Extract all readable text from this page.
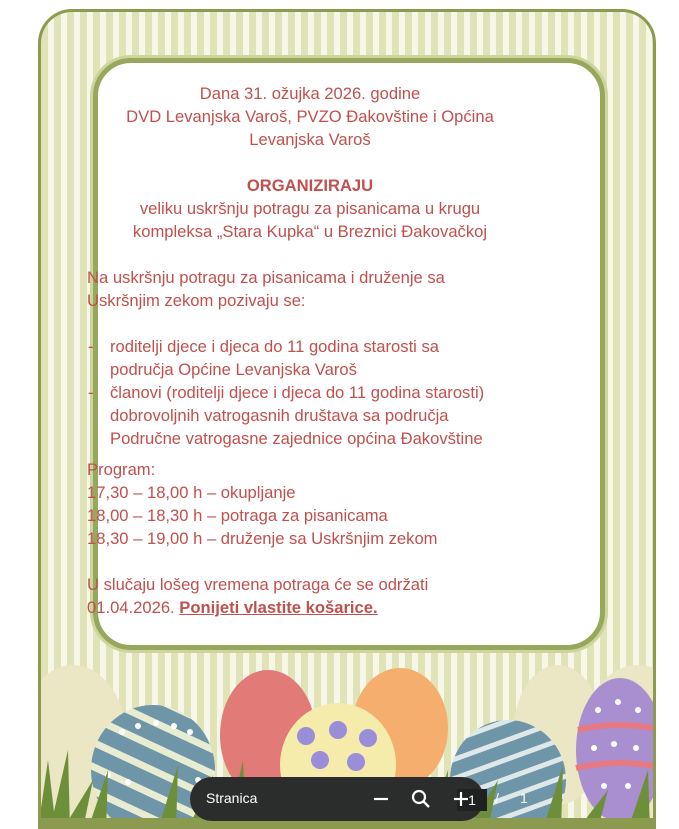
Dana 31. ožujka 2026. godine
DVD Levanjska Varoš, PVZO Đakovštine i Općina
Levanjska Varoš
ORGANIZIRAJU
veliku uskršnju potragu za pisanicama u krugu
kompleksa „Stara Kupka“ u Breznici Đakovačkoj
Na uskršnju potragu za pisanicama i druženje sa
Uskršnjim zekom pozivaju se:
- roditelji djece i djeca do 11 godina starosti sa
područja Općine Levanjska Varoš
- članovi (roditelji djece i djeca do 11 godina starosti)
dobrovoljnih vatrogasnih društava sa područja
Područne vatrogasne zajednice općina Đakovštine
Program:
17,30 – 18,00 h – okupljanje
18,00 – 18,30 h – potraga za pisanicama
18,30 – 19,00 h – druženje sa Uskršnjim zekom
U slučaju lošeg vremena potraga će se održati
01.04.2026. Ponijeti vlastite košarice.
Stranica
1	/ 1
